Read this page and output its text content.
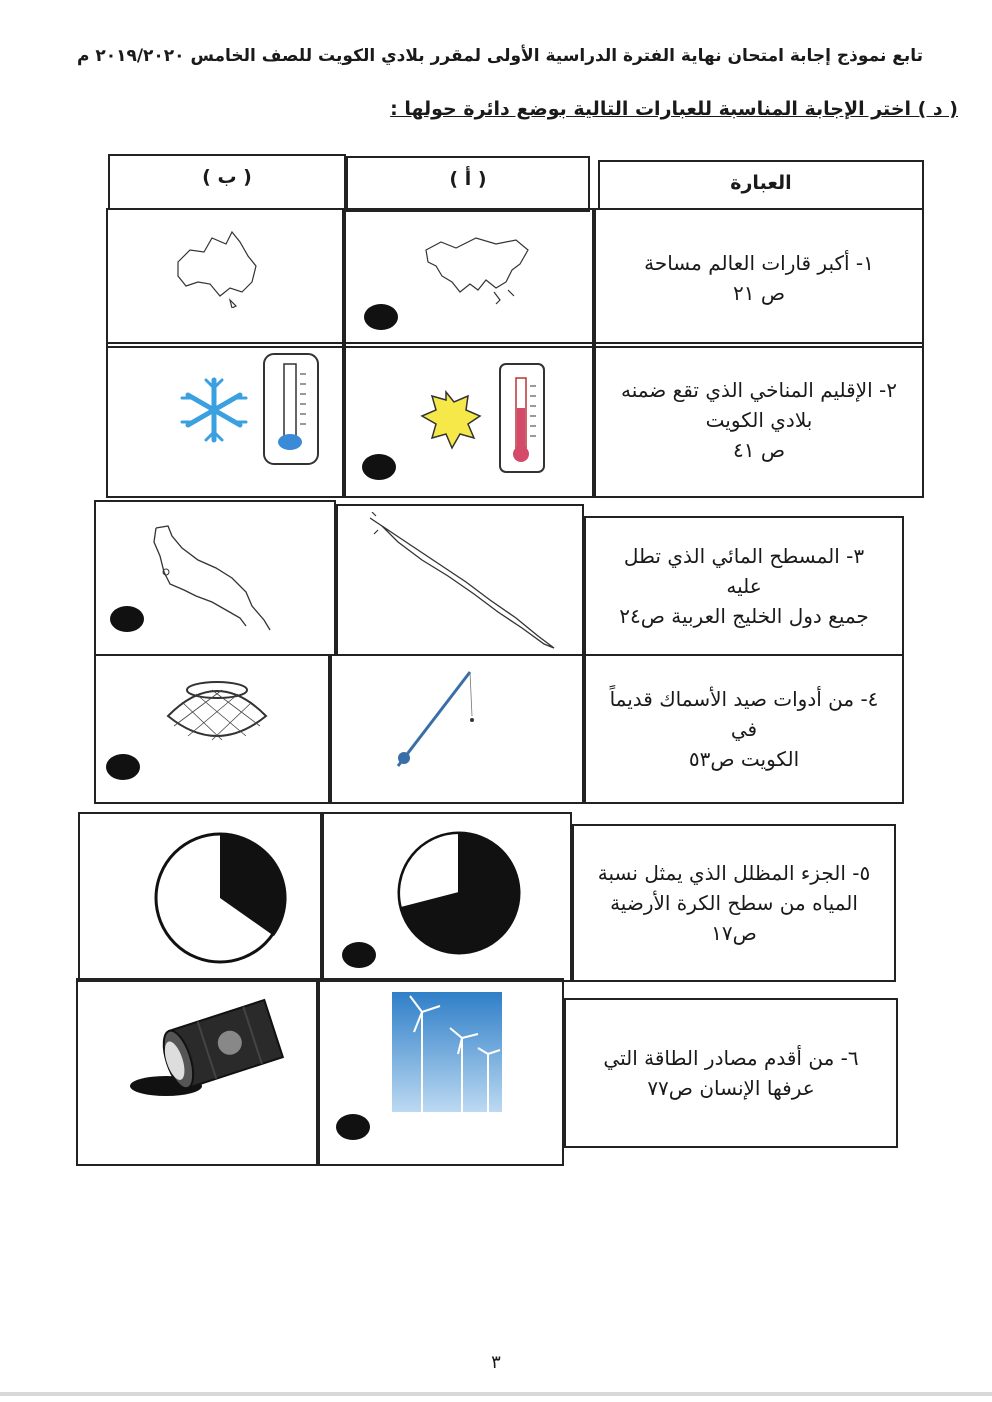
تابع نموذج إجابة امتحان نهاية الفترة الدراسية الأولى لمقرر بلادي الكويت للصف الخامس ٢٠١٩/٢٠٢٠ م
( د ) اختر الإجابة المناسبة للعبارات التالية بوضع دائرة حولها :
العبارة
( أ )
( ب )
١- أكبر قارات العالم مساحة
ص ٢١
٢- الإقليم المناخي الذي تقع ضمنه
بلادي الكويت
ص ٤١
٣- المسطح المائي الذي تطل عليه
جميع دول الخليج العربية ص٢٤
٤- من أدوات صيد الأسماك قديماً في
الكويت ص٥٣
٥- الجزء المظلل الذي يمثل نسبة
المياه من سطح الكرة الأرضية
ص١٧
٦- من أقدم مصادر الطاقة التي
عرفها الإنسان ص٧٧
٣
